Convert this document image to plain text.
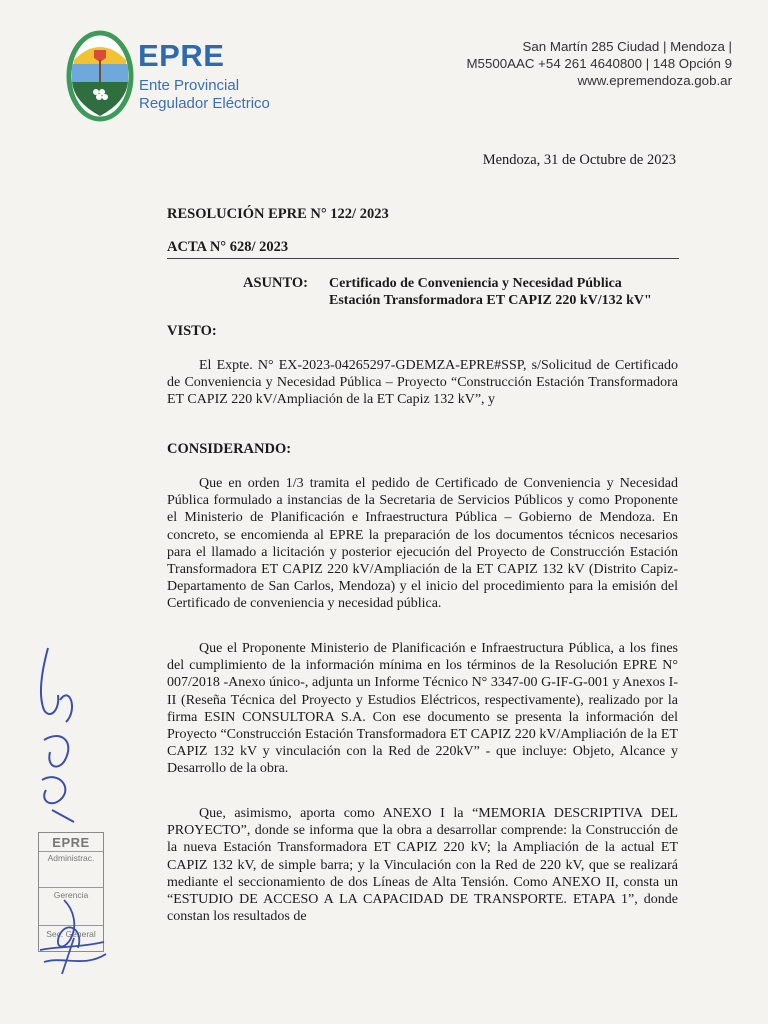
EPRE
Ente Provincial
Regulador Eléctrico
San Martín 285 Ciudad | Mendoza |
M5500AAC +54 261 4640800 | 148 Opción 9
www.epremendoza.gob.ar
Mendoza, 31 de Octubre de 2023
RESOLUCIÓN EPRE N° 122/ 2023
ACTA N° 628/ 2023
ASUNTO: Certificado de Conveniencia y Necesidad Pública
Estación Transformadora ET CAPIZ 220 kV/132 kV"
VISTO:
El Expte. N° EX-2023-04265297-GDEMZA-EPRE#SSP, s/Solicitud de Certificado de Conveniencia y Necesidad Pública – Proyecto “Construcción Estación Transformadora ET CAPIZ 220 kV/Ampliación de la ET Capiz 132 kV”, y
CONSIDERANDO:
Que en orden 1/3 tramita el pedido de Certificado de Conveniencia y Necesidad Pública formulado a instancias de la Secretaria de Servicios Públicos y como Proponente el Ministerio de Planificación e Infraestructura Pública – Gobierno de Mendoza. En concreto, se encomienda al EPRE la preparación de los documentos técnicos necesarios para el llamado a licitación y posterior ejecución del Proyecto de Construcción Estación Transformadora ET CAPIZ 220 kV/Ampliación de la ET CAPIZ 132 kV (Distrito Capiz-Departamento de San Carlos, Mendoza) y el inicio del procedimiento para la emisión del Certificado de conveniencia y necesidad pública.
Que el Proponente Ministerio de Planificación e Infraestructura Pública, a los fines del cumplimiento de la información mínima en los términos de la Resolución EPRE N° 007/2018 -Anexo único-, adjunta un Informe Técnico N° 3347-00 G-IF-G-001 y Anexos I-II (Reseña Técnica del Proyecto y Estudios Eléctricos, respectivamente), realizado por la firma ESIN CONSULTORA S.A. Con ese documento se presenta la información del Proyecto “Construcción Estación Transformadora ET CAPIZ 220 kV/Ampliación de la ET CAPIZ 132 kV y vinculación con la Red de 220kV” - que incluye: Objeto, Alcance y Desarrollo de la obra.
Que, asimismo, aporta como ANEXO I la “MEMORIA DESCRIPTIVA DEL PROYECTO”, donde se informa que la obra a desarrollar comprende: la Construcción de la nueva Estación Transformadora ET CAPIZ 220 kV; la Ampliación de la actual ET CAPIZ 132 kV, de simple barra; y la Vinculación con la Red de 220 kV, que se realizará mediante el seccionamiento de dos Líneas de Alta Tensión. Como ANEXO II, consta un “ESTUDIO DE ACCESO A LA CAPACIDAD DE TRANSPORTE. ETAPA 1”, donde constan los resultados de
EPRE
Administrac.
Gerencia
Sec. General
